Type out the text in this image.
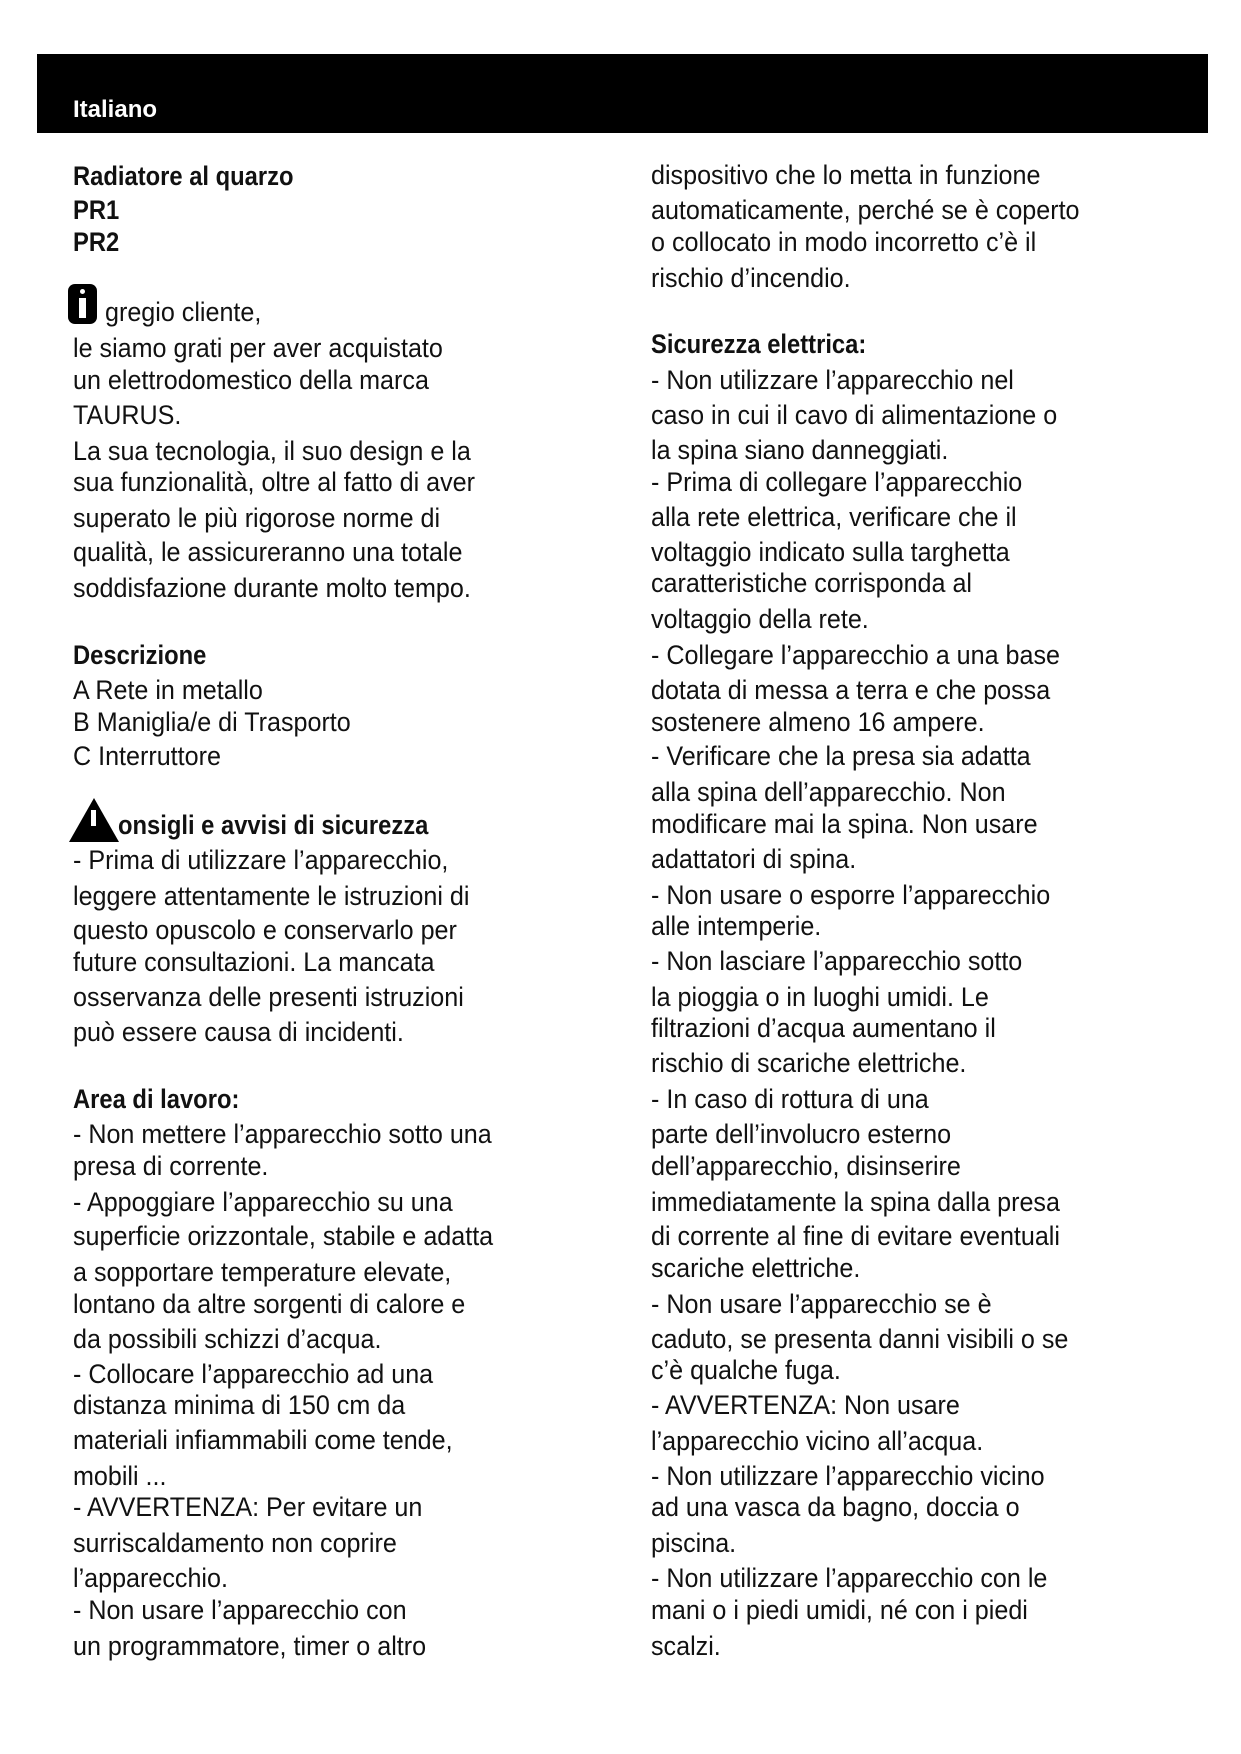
Italiano
Radiatore al quarzo
PR1
PR2
gregio cliente,
le siamo grati per aver acquistato
un elettrodomestico della marca
TAURUS.
La sua tecnologia, il suo design e la
sua funzionalità, oltre al fatto di aver
superato le più rigorose norme di
qualità, le assicureranno una totale
soddisfazione durante molto tempo.
Descrizione
A Rete in metallo
B Maniglia/e di Trasporto
C Interruttore
onsigli e avvisi di sicurezza
- Prima di utilizzare l’apparecchio,
leggere attentamente le istruzioni di
questo opuscolo e conservarlo per
future consultazioni. La mancata
osservanza delle presenti istruzioni
può essere causa di incidenti.
Area di lavoro:
- Non mettere l’apparecchio sotto una
presa di corrente.
- Appoggiare l’apparecchio su una
superficie orizzontale, stabile e adatta
a sopportare temperature elevate,
lontano da altre sorgenti di calore e
da possibili schizzi d’acqua.
- Collocare l’apparecchio ad una
distanza minima di 150 cm da
materiali infiammabili come tende,
mobili ...
- AVVERTENZA: Per evitare un
surriscaldamento non coprire
l’apparecchio.
- Non usare l’apparecchio con
un programmatore, timer o altro
dispositivo che lo metta in funzione
automaticamente, perché se è coperto
o collocato in modo incorretto c’è il
rischio d’incendio.
Sicurezza elettrica:
- Non utilizzare l’apparecchio nel
caso in cui il cavo di alimentazione o
la spina siano danneggiati.
- Prima di collegare l’apparecchio
alla rete elettrica, verificare che il
voltaggio indicato sulla targhetta
caratteristiche corrisponda al
voltaggio della rete.
- Collegare l’apparecchio a una base
dotata di messa a terra e che possa
sostenere almeno 16 ampere.
- Verificare che la presa sia adatta
alla spina dell’apparecchio. Non
modificare mai la spina. Non usare
adattatori di spina.
- Non usare o esporre l’apparecchio
alle intemperie.
- Non lasciare l’apparecchio sotto
la pioggia o in luoghi umidi. Le
filtrazioni d’acqua aumentano il
rischio di scariche elettriche.
- In caso di rottura di una
parte dell’involucro esterno
dell’apparecchio, disinserire
immediatamente la spina dalla presa
di corrente al fine di evitare eventuali
scariche elettriche.
- Non usare l’apparecchio se è
caduto, se presenta danni visibili o se
c’è qualche fuga.
- AVVERTENZA: Non usare
l’apparecchio vicino all’acqua.
- Non utilizzare l’apparecchio vicino
ad una vasca da bagno, doccia o
piscina.
- Non utilizzare l’apparecchio con le
mani o i piedi umidi, né con i piedi
scalzi.
